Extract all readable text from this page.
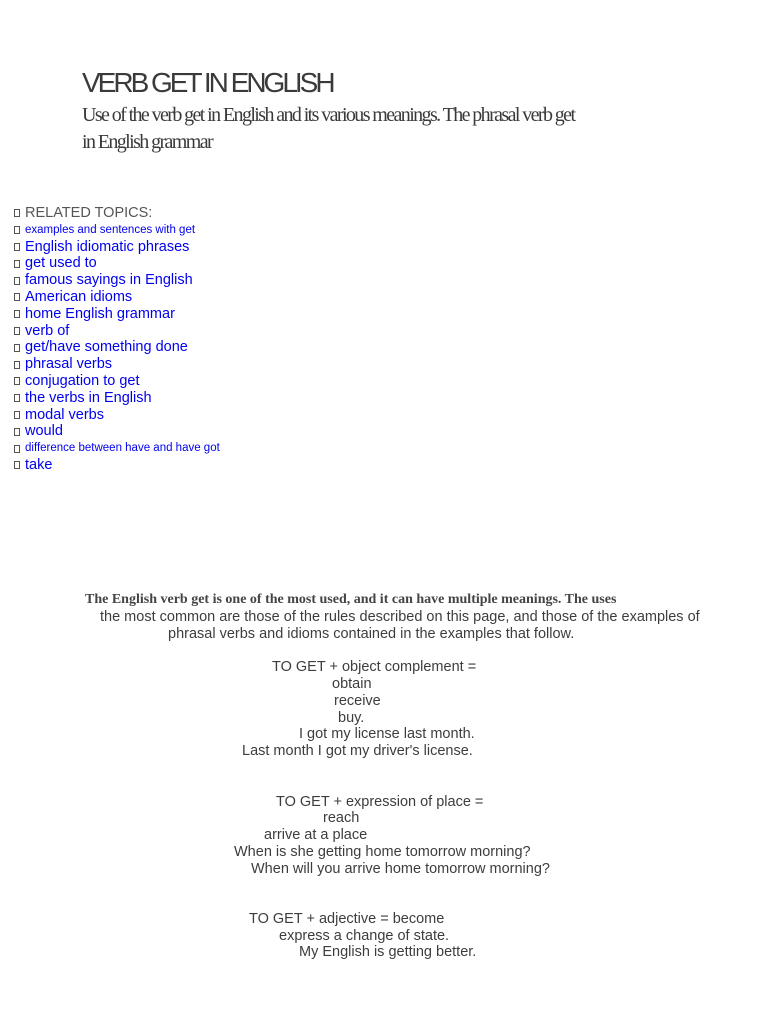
VERB GET IN ENGLISH
Use of the verb get in English and its various meanings. The phrasal verb get
in English grammar
RELATED TOPICS:
examples and sentences with get
English idiomatic phrases
get used to
famous sayings in English
American idioms
home English grammar
verb of
get/have something done
phrasal verbs
conjugation to get
the verbs in English
modal verbs
would
difference between have and have got
take
The English verb get is one of the most used, and it can have multiple meanings. The uses
the most common are those of the rules described on this page, and those of the examples of
phrasal verbs and idioms contained in the examples that follow.
TO GET + object complement =
obtain
receive
buy.
I got my license last month.
Last month I got my driver's license.
TO GET + expression of place =
reach
arrive at a place
When is she getting home tomorrow morning?
When will you arrive home tomorrow morning?
TO GET + adjective = become
express a change of state.
My English is getting better.
